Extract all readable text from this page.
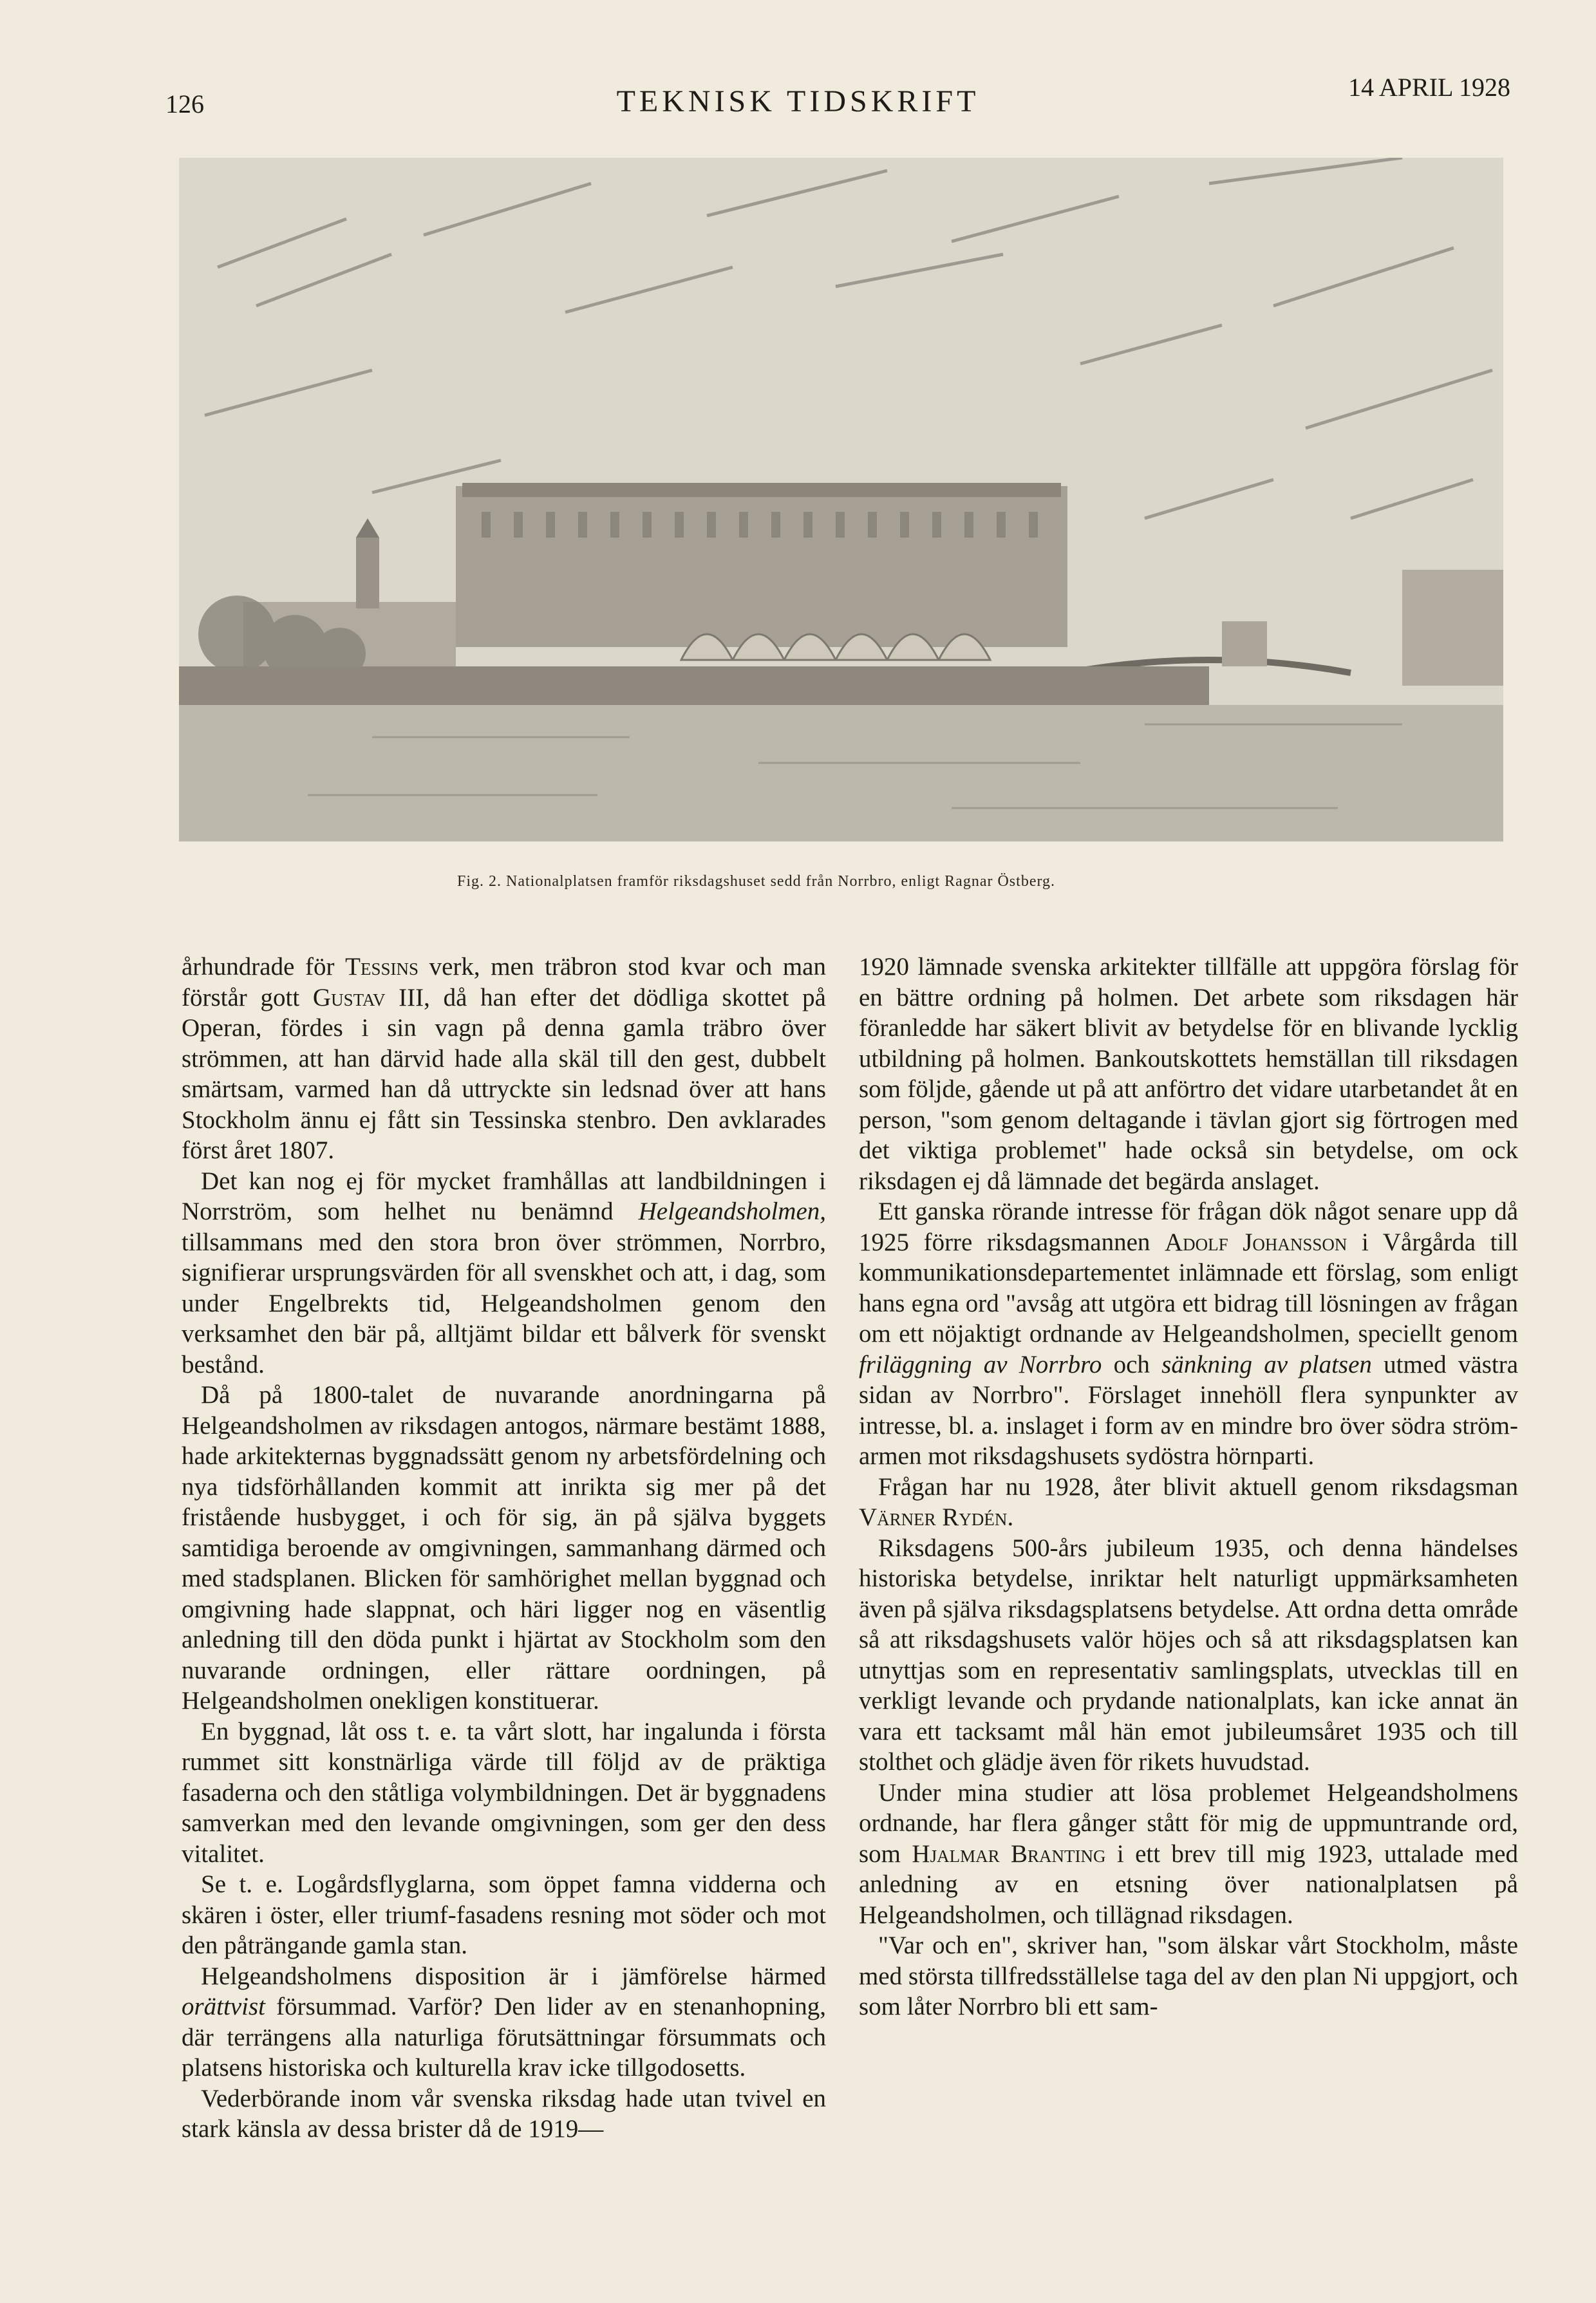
126	TEKNISK TIDSKRIFT	14 APRIL 1928
Fig. 2. Nationalplatsen framför riksdagshuset sedd från Norrbro, enligt Ragnar Östberg.

århundrade för Tessins verk, men träbron stod kvar och man förstår gott Gustav III, då han efter det dödliga skottet på Operan, fördes i sin vagn på denna gamla träbro över strömmen, att han därvid hade alla skäl till den gest, dubbelt smärtsam, varmed han då uttryckte sin ledsnad över att hans Stockholm ännu ej fått sin Tessinska stenbro. Den avklarades först året 1807.

Det kan nog ej för mycket framhållas att landbildningen i Norrström, som helhet nu benämnd Helgeandsholmen, tillsammans med den stora bron över strömmen, Norrbro, signifierar ursprungsvärden för all svenskhet och att, i dag, som under Engelbrekts tid, Helgeandsholmen genom den verksamhet den bär på, alltjämt bildar ett bålverk för svenskt bestånd.

Då på 1800-talet de nuvarande anordningarna på Helgeandsholmen av riksdagen antogos, närmare bestämt 1888, hade arkitekternas byggnadssätt genom ny arbetsfördelning och nya tidsförhållanden kommit att inrikta sig mer på det fristående husbygget, i och för sig, än på själva byggets samtidiga beroende av omgivningen, sammanhang därmed och med stadsplanen. Blicken för samhörighet mellan byggnad och omgivning hade slappnat, och häri ligger nog en väsentlig anledning till den döda punkt i hjärtat av Stockholm som den nuvarande ordningen, eller rättare oordningen, på Helgeandsholmen onekligen konstituerar.

En byggnad, låt oss t. e. ta vårt slott, har ingalunda i första rummet sitt konstnärliga värde till följd av de präktiga fasaderna och den ståtliga volymbildningen. Det är byggnadens samverkan med den levande omgivningen, som ger den dess vitalitet.

Se t. e. Logårdsflyglarna, som öppet famna vidderna och skären i öster, eller triumf-fasadens resning mot söder och mot den påträngande gamla stan.

Helgeandsholmens disposition är i jämförelse härmed orättvist försummad. Varför? Den lider av en stenanhopning, där terrängens alla naturliga förutsättningar försummats och platsens historiska och kulturella krav icke tillgodosetts.

Vederbörande inom vår svenska riksdag hade utan tvivel en stark känsla av dessa brister då de 1919—

1920 lämnade svenska arkitekter tillfälle att uppgöra förslag för en bättre ordning på holmen. Det arbete som riksdagen här föranledde har säkert blivit av betydelse för en blivande lycklig utbildning på holmen. Bankoutskottets hemställan till riksdagen som följde, gående ut på att anförtro det vidare utarbetandet åt en person, "som genom deltagande i tävlan gjort sig förtrogen med det viktiga problemet" hade också sin betydelse, om ock riksdagen ej då lämnade det begärda anslaget.

Ett ganska rörande intresse för frågan dök något senare upp då 1925 förre riksdagsmannen Adolf Johansson i Vårgårda till kommunikationsdepartementet inlämnade ett förslag, som enligt hans egna ord "avsåg att utgöra ett bidrag till lösningen av frågan om ett nöjaktigt ordnande av Helgeandsholmen, speciellt genom friläggning av Norrbro och sänkning av platsen utmed västra sidan av Norrbro". Förslaget innehöll flera synpunkter av intresse, bl. a. inslaget i form av en mindre bro över södra ström-armen mot riksdagshusets sydöstra hörnparti.

Frågan har nu 1928, åter blivit aktuell genom riksdagsman Värner Rydén.

Riksdagens 500-års jubileum 1935, och denna händelses historiska betydelse, inriktar helt naturligt uppmärksamheten även på själva riksdagsplatsens betydelse. Att ordna detta område så att riksdagshusets valör höjes och så att riksdagsplatsen kan utnyttjas som en representativ samlingsplats, utvecklas till en verkligt levande och prydande nationalplats, kan icke annat än vara ett tacksamt mål hän emot jubileumsåret 1935 och till stolthet och glädje även för rikets huvudstad.

Under mina studier att lösa problemet Helgeandsholmens ordnande, har flera gånger stått för mig de uppmuntrande ord, som Hjalmar Branting i ett brev till mig 1923, uttalade med anledning av en etsning över nationalplatsen på Helgeandsholmen, och tillägnad riksdagen.

"Var och en", skriver han, "som älskar vårt Stockholm, måste med största tillfredsställelse taga del av den plan Ni uppgjort, och som låter Norrbro bli ett sam-
